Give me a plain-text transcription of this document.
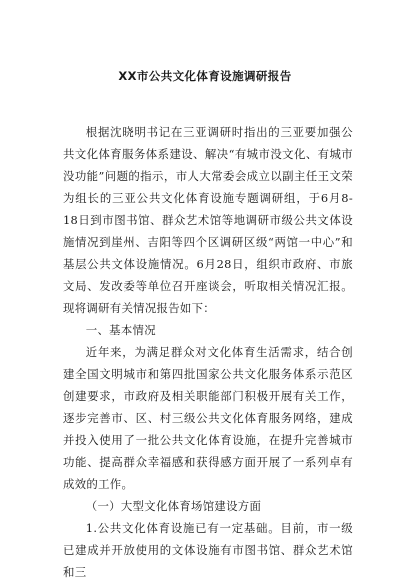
XX市公共文化体育设施调研报告

根据沈晓明书记在三亚调研时指出的三亚要加强公共文化体育服务体系建设、解决“有城市没文化、有城市没功能”问题的指示，市人大常委会成立以副主任王文荣为组长的三亚公共文化体育设施专题调研组，于6月8-18日到市图书馆、群众艺术馆等地调研市级公共文体设施情况到崖州、吉阳等四个区调研区级“两馆一中心”和基层公共文体设施情况。6月28日，组织市政府、市旅文局、发改委等单位召开座谈会，听取相关情况汇报。现将调研有关情况报告如下：

一、基本情况

近年来，为满足群众对文化体育生活需求，结合创建全国文明城市和第四批国家公共文化服务体系示范区创建要求，市政府及相关职能部门积极开展有关工作，逐步完善市、区、村三级公共文化体育服务网络，建成并投入使用了一批公共文化体育设施，在提升完善城市功能、提高群众幸福感和获得感方面开展了一系列卓有成效的工作。

（一）大型文化体育场馆建设方面

1.公共文化体育设施已有一定基础。目前，市一级已建成并开放使用的文体设施有市图书馆、群众艺术馆和三
